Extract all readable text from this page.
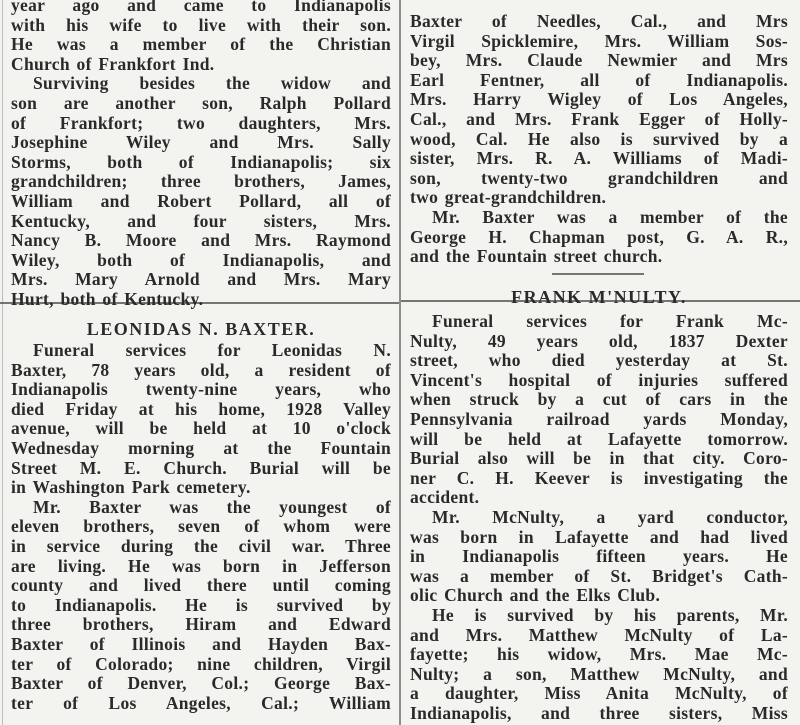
year ago and came to Indianapolis
with his wife to live with their son.
He was a member of the Christian
Church of Frankfort Ind.
Surviving besides the widow and
son are another son, Ralph Pollard
of Frankfort; two daughters, Mrs.
Josephine Wiley and Mrs. Sally
Storms, both of Indianapolis; six
grandchildren; three brothers, James,
William and Robert Pollard, all of
Kentucky, and four sisters, Mrs.
Nancy B. Moore and Mrs. Raymond
Wiley, both of Indianapolis, and
Mrs. Mary Arnold and Mrs. Mary
Hurt, both of Kentucky.
LEONIDAS N. BAXTER.
Funeral services for Leonidas N.
Baxter, 78 years old, a resident of
Indianapolis twenty-nine years, who
died Friday at his home, 1928 Valley
avenue, will be held at 10 o'clock
Wednesday morning at the Fountain
Street M. E. Church. Burial will be
in Washington Park cemetery.
Mr. Baxter was the youngest of
eleven brothers, seven of whom were
in service during the civil war. Three
are living. He was born in Jefferson
county and lived there until coming
to Indianapolis. He is survived by
three brothers, Hiram and Edward
Baxter of Illinois and Hayden Bax-
ter of Colorado; nine children, Virgil
Baxter of Denver, Col.; George Bax-
ter of Los Angeles, Cal.; William
Baxter of Needles, Cal., and Mrs
Virgil Spicklemire, Mrs. William Sos-
bey, Mrs. Claude Newmier and Mrs
Earl Fentner, all of Indianapolis.
Mrs. Harry Wigley of Los Angeles,
Cal., and Mrs. Frank Egger of Holly-
wood, Cal. He also is survived by a
sister, Mrs. R. A. Williams of Madi-
son, twenty-two grandchildren and
two great-grandchildren.
Mr. Baxter was a member of the
George H. Chapman post, G. A. R.,
and the Fountain street church.
FRANK M'NULTY.
Funeral services for Frank Mc-
Nulty, 49 years old, 1837 Dexter
street, who died yesterday at St.
Vincent's hospital of injuries suffered
when struck by a cut of cars in the
Pennsylvania railroad yards Monday,
will be held at Lafayette tomorrow.
Burial also will be in that city. Coro-
ner C. H. Keever is investigating the
accident.
Mr. McNulty, a yard conductor,
was born in Lafayette and had lived
in Indianapolis fifteen years. He
was a member of St. Bridget's Cath-
olic Church and the Elks Club.
He is survived by his parents, Mr.
and Mrs. Matthew McNulty of La-
fayette; his widow, Mrs. Mae Mc-
Nulty; a son, Matthew McNulty, and
a daughter, Miss Anita McNulty, of
Indianapolis, and three sisters, Miss
